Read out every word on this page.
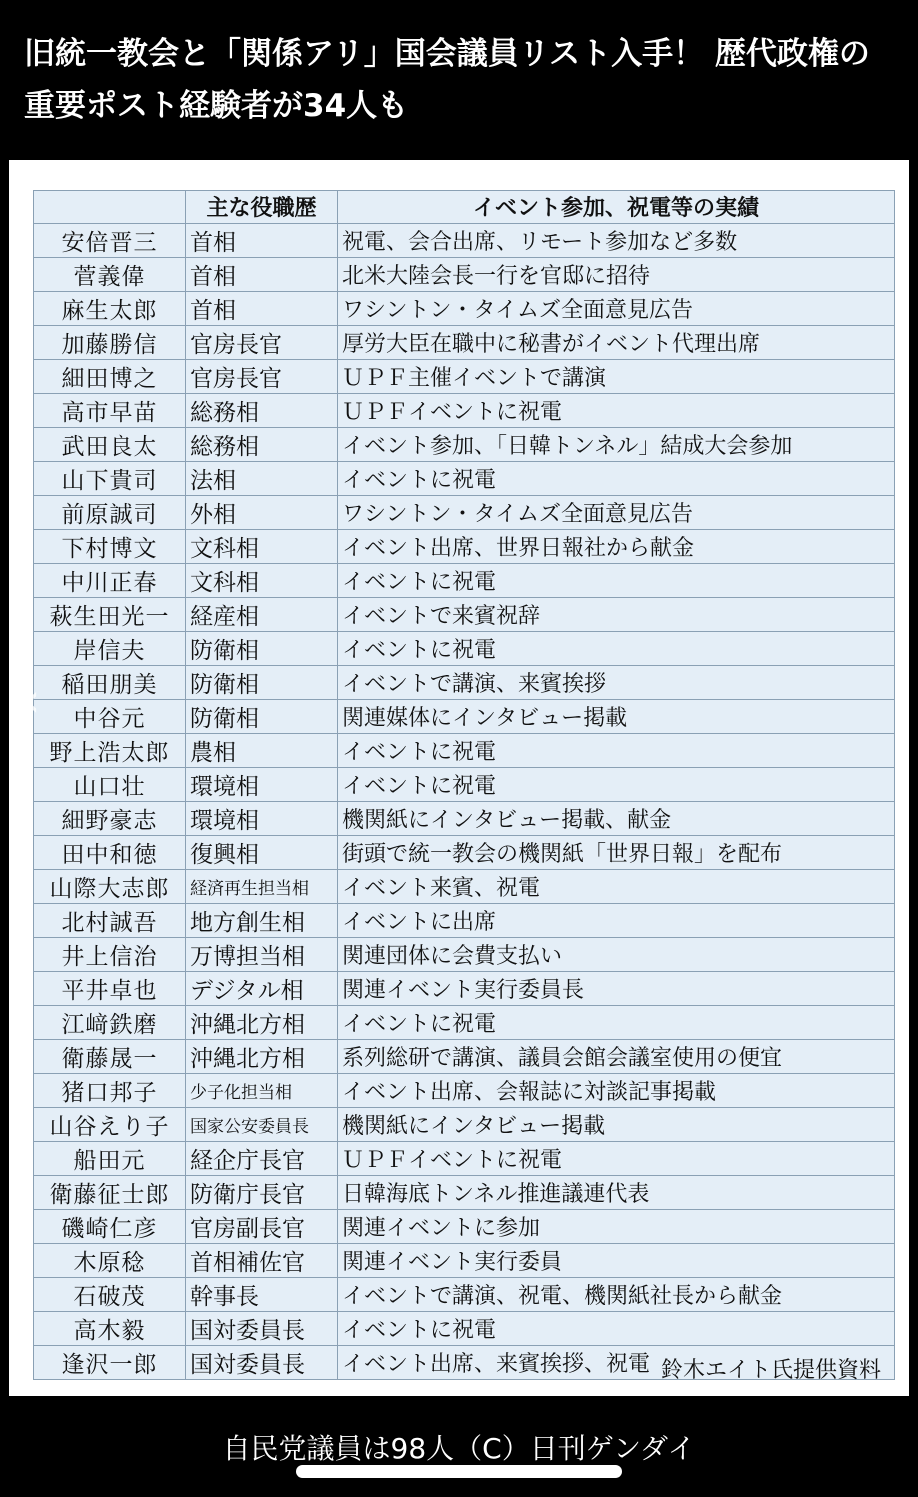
旧統一教会と「関係アリ」国会議員リスト入手！ 歴代政権の重要ポスト経験者が34人も
	主な役職歴	イベント参加、祝電等の実績
安倍晋三	首相	祝電、会合出席、リモート参加など多数
菅義偉	首相	北米大陸会長一行を官邸に招待
麻生太郎	首相	ワシントン・タイムズ全面意見広告
加藤勝信	官房長官	厚労大臣在職中に秘書がイベント代理出席
細田博之	官房長官	ＵＰＦ主催イベントで講演
高市早苗	総務相	ＵＰＦイベントに祝電
武田良太	総務相	イベント参加、「日韓トンネル」結成大会参加
山下貴司	法相	イベントに祝電
前原誠司	外相	ワシントン・タイムズ全面意見広告
下村博文	文科相	イベント出席、世界日報社から献金
中川正春	文科相	イベントに祝電
萩生田光一	経産相	イベントで来賓祝辞
岸信夫	防衛相	イベントに祝電
稲田朋美	防衛相	イベントで講演、来賓挨拶
中谷元	防衛相	関連媒体にインタビュー掲載
野上浩太郎	農相	イベントに祝電
山口壮	環境相	イベントに祝電
細野豪志	環境相	機関紙にインタビュー掲載、献金
田中和徳	復興相	街頭で統一教会の機関紙「世界日報」を配布
山際大志郎	経済再生担当相	イベント来賓、祝電
北村誠吾	地方創生相	イベントに出席
井上信治	万博担当相	関連団体に会費支払い
平井卓也	デジタル相	関連イベント実行委員長
江﨑鉄磨	沖縄北方相	イベントに祝電
衛藤晟一	沖縄北方相	系列総研で講演、議員会館会議室使用の便宜
猪口邦子	少子化担当相	イベント出席、会報誌に対談記事掲載
山谷えり子	国家公安委員長	機関紙にインタビュー掲載
船田元	経企庁長官	ＵＰＦイベントに祝電
衛藤征士郎	防衛庁長官	日韓海底トンネル推進議連代表
磯崎仁彦	官房副長官	関連イベントに参加
木原稔	首相補佐官	関連イベント実行委員
石破茂	幹事長	イベントで講演、祝電、機関紙社長から献金
高木毅	国対委員長	イベントに祝電
逢沢一郎	国対委員長	イベント出席、来賓挨拶、祝電 鈴木エイト氏提供資料
‹
自民党議員は98人（C）日刊ゲンダイ
